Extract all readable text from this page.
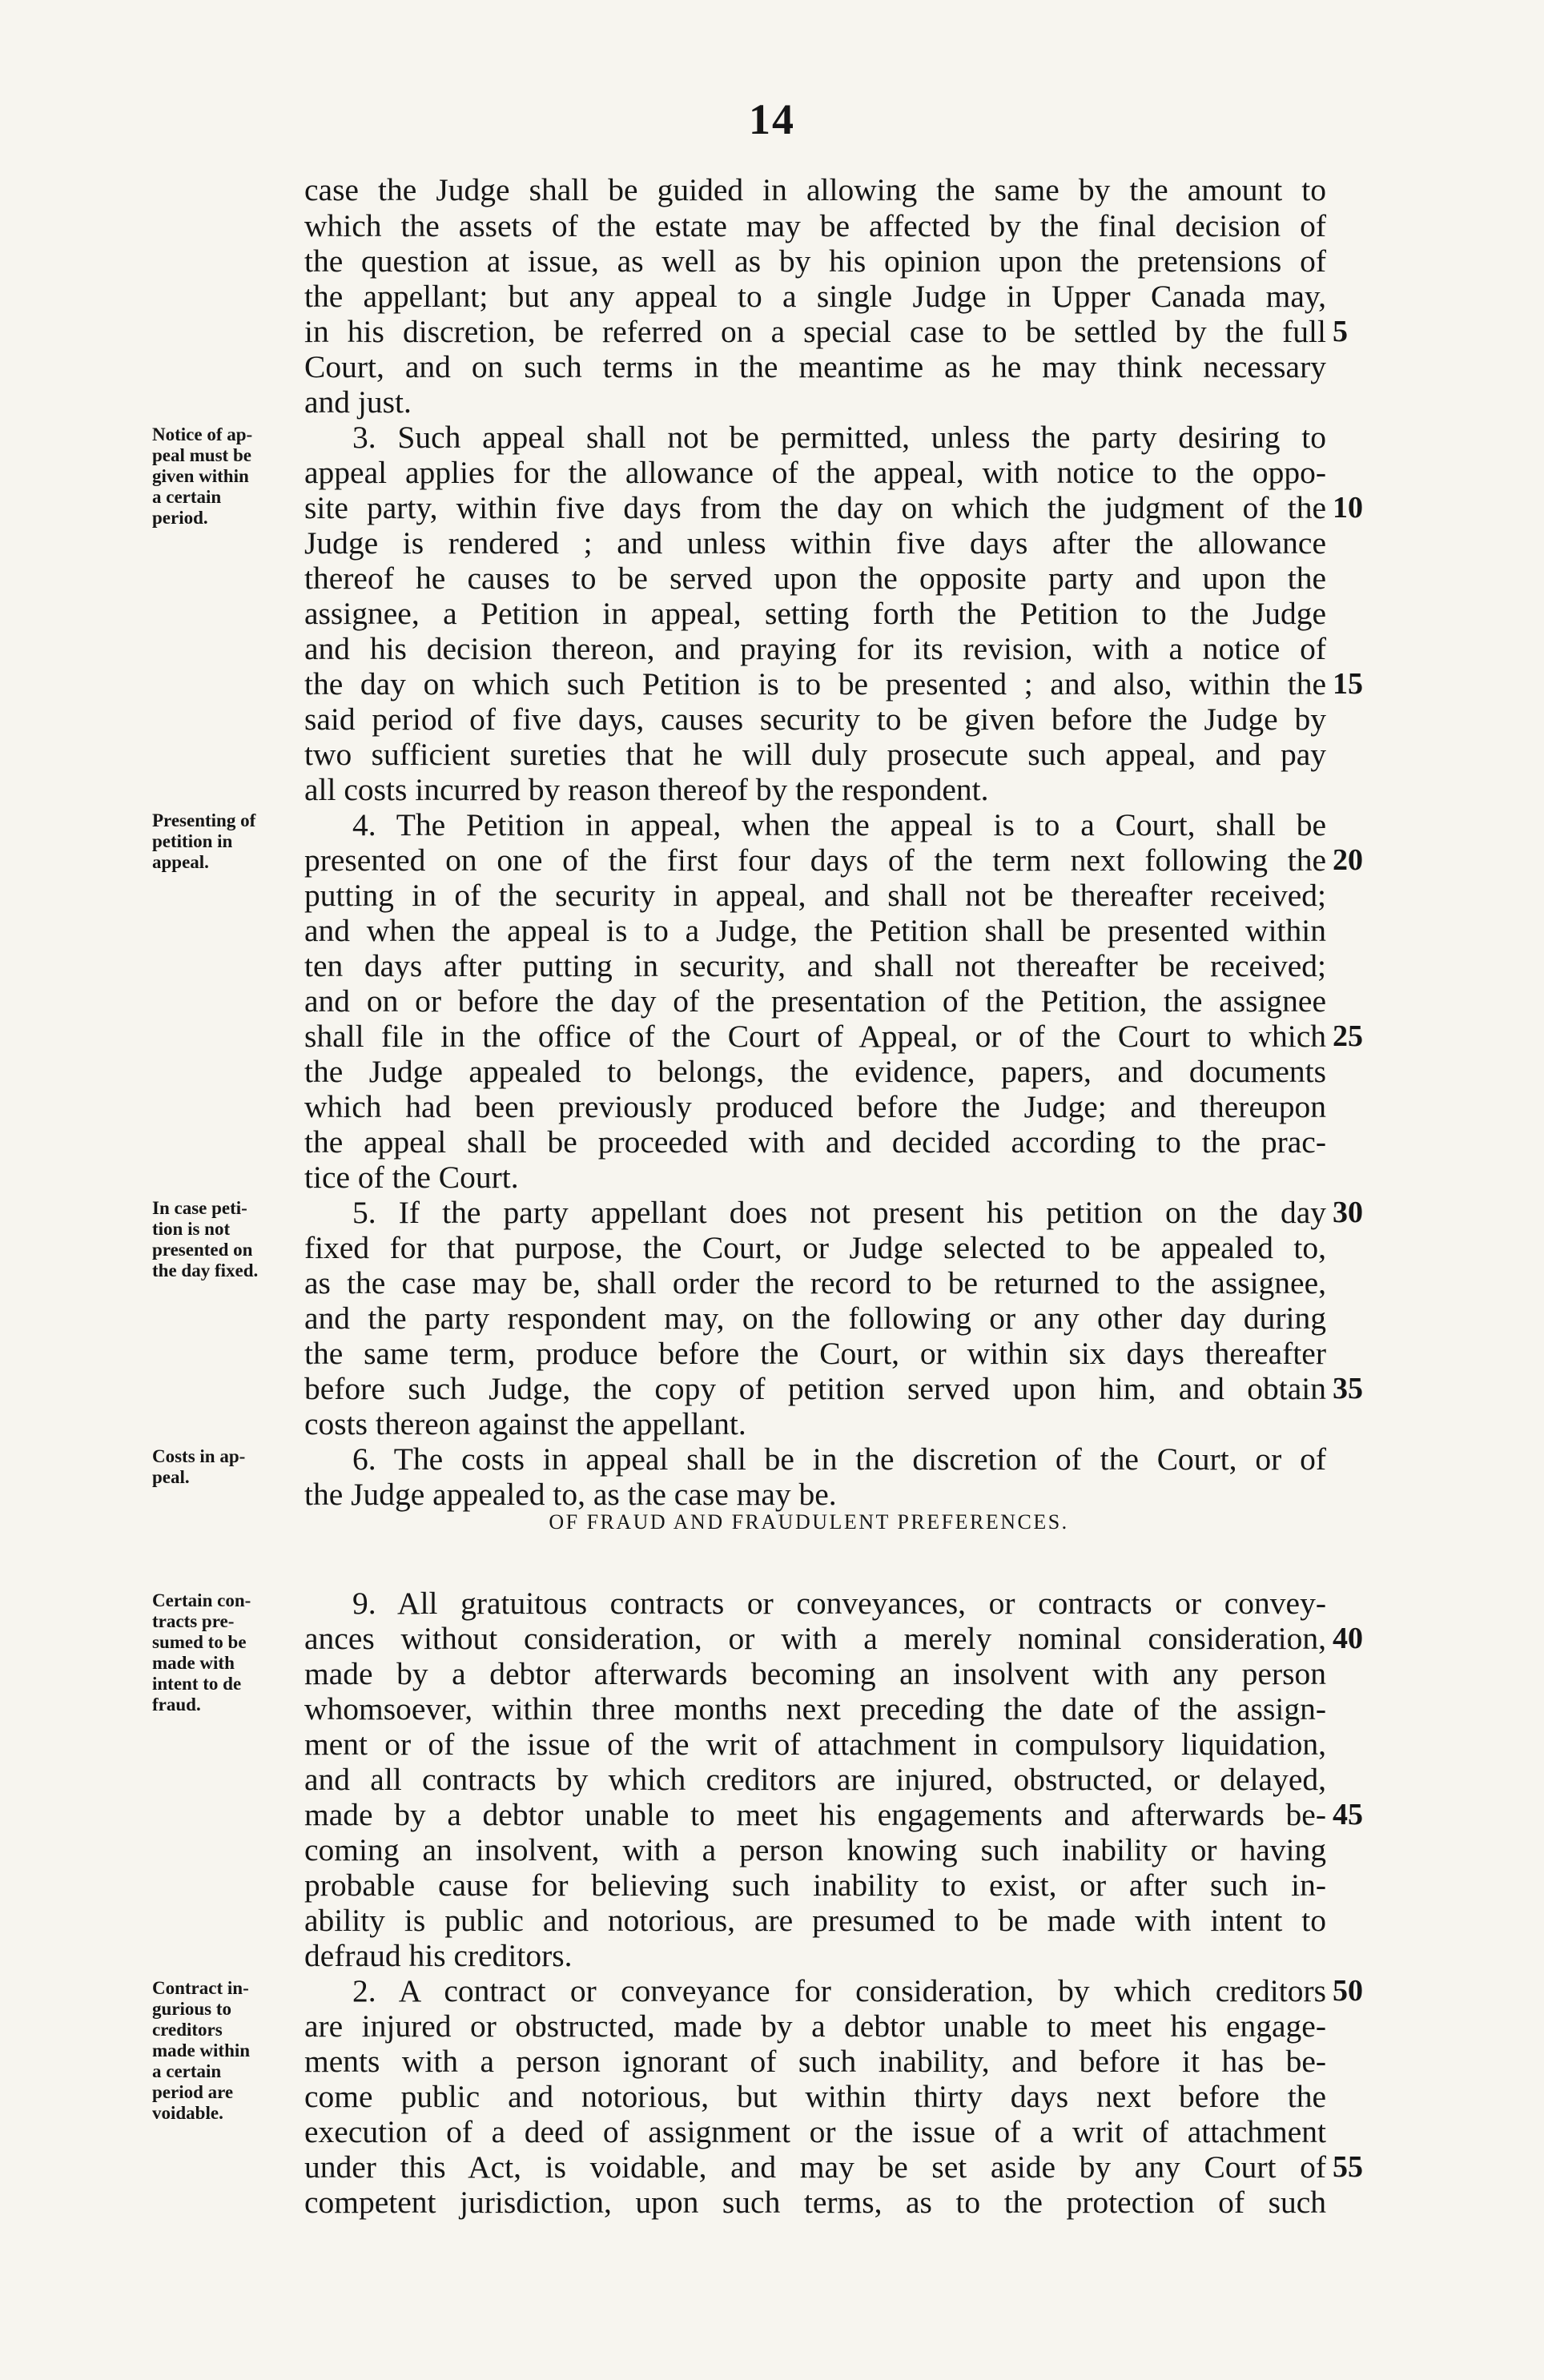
14
case the Judge shall be guided in allowing the same by the amount to
which the assets of the estate may be affected by the final decision of
the question at issue, as well as by his opinion upon the pretensions of
the appellant; but any appeal to a single Judge in Upper Canada may,
in his discretion, be referred on a special case to be settled by the full
Court, and on such terms in the meantime as he may think necessary
and just.
3. Such appeal shall not be permitted, unless the party desiring to
appeal applies for the allowance of the appeal, with notice to the oppo-
site party, within five days from the day on which the judgment of the
Judge is rendered ; and unless within five days after the allowance
thereof he causes to be served upon the opposite party and upon the
assignee, a Petition in appeal, setting forth the Petition to the Judge
and his decision thereon, and praying for its revision, with a notice of
the day on which such Petition is to be presented ; and also, within the
said period of five days, causes security to be given before the Judge by
two sufficient sureties that he will duly prosecute such appeal, and pay
all costs incurred by reason thereof by the respondent.
4. The Petition in appeal, when the appeal is to a Court, shall be
presented on one of the first four days of the term next following the
putting in of the security in appeal, and shall not be thereafter received;
and when the appeal is to a Judge, the Petition shall be presented within
ten days after putting in security, and shall not thereafter be received;
and on or before the day of the presentation of the Petition, the assignee
shall file in the office of the Court of Appeal, or of the Court to which
the Judge appealed to belongs, the evidence, papers, and documents
which had been previously produced before the Judge; and thereupon
the appeal shall be proceeded with and decided according to the prac-
tice of the Court.
5. If the party appellant does not present his petition on the day
fixed for that purpose, the Court, or Judge selected to be appealed to,
as the case may be, shall order the record to be returned to the assignee,
and the party respondent may, on the following or any other day during
the same term, produce before the Court, or within six days thereafter
before such Judge, the copy of petition served upon him, and obtain
costs thereon against the appellant.
6. The costs in appeal shall be in the discretion of the Court, or of
the Judge appealed to, as the case may be.
9. All gratuitous contracts or conveyances, or contracts or convey-
ances without consideration, or with a merely nominal consideration,
made by a debtor afterwards becoming an insolvent with any person
whomsoever, within three months next preceding the date of the assign-
ment or of the issue of the writ of attachment in compulsory liquidation,
and all contracts by which creditors are injured, obstructed, or delayed,
made by a debtor unable to meet his engagements and afterwards be-
coming an insolvent, with a person knowing such inability or having
probable cause for believing such inability to exist, or after such in-
ability is public and notorious, are presumed to be made with intent to
defraud his creditors.
2. A contract or conveyance for consideration, by which creditors
are injured or obstructed, made by a debtor unable to meet his engage-
ments with a person ignorant of such inability, and before it has be-
come public and notorious, but within thirty days next before the
execution of a deed of assignment or the issue of a writ of attachment
under this Act, is voidable, and may be set aside by any Court of
competent jurisdiction, upon such terms, as to the protection of such
OF FRAUD AND FRAUDULENT PREFERENCES.
5
10
15
20
25
30
35
40
45
50
55
Notice of ap-
peal must be
given within
a certain
period.
Presenting of
petition in
appeal.
In case peti-
tion is not
presented on
the day fixed.
Costs in ap-
peal.
Certain con-
tracts pre-
sumed to be
made with
intent to de
fraud.
Contract in-
gurious to
creditors
made within
a certain
period are
voidable.
